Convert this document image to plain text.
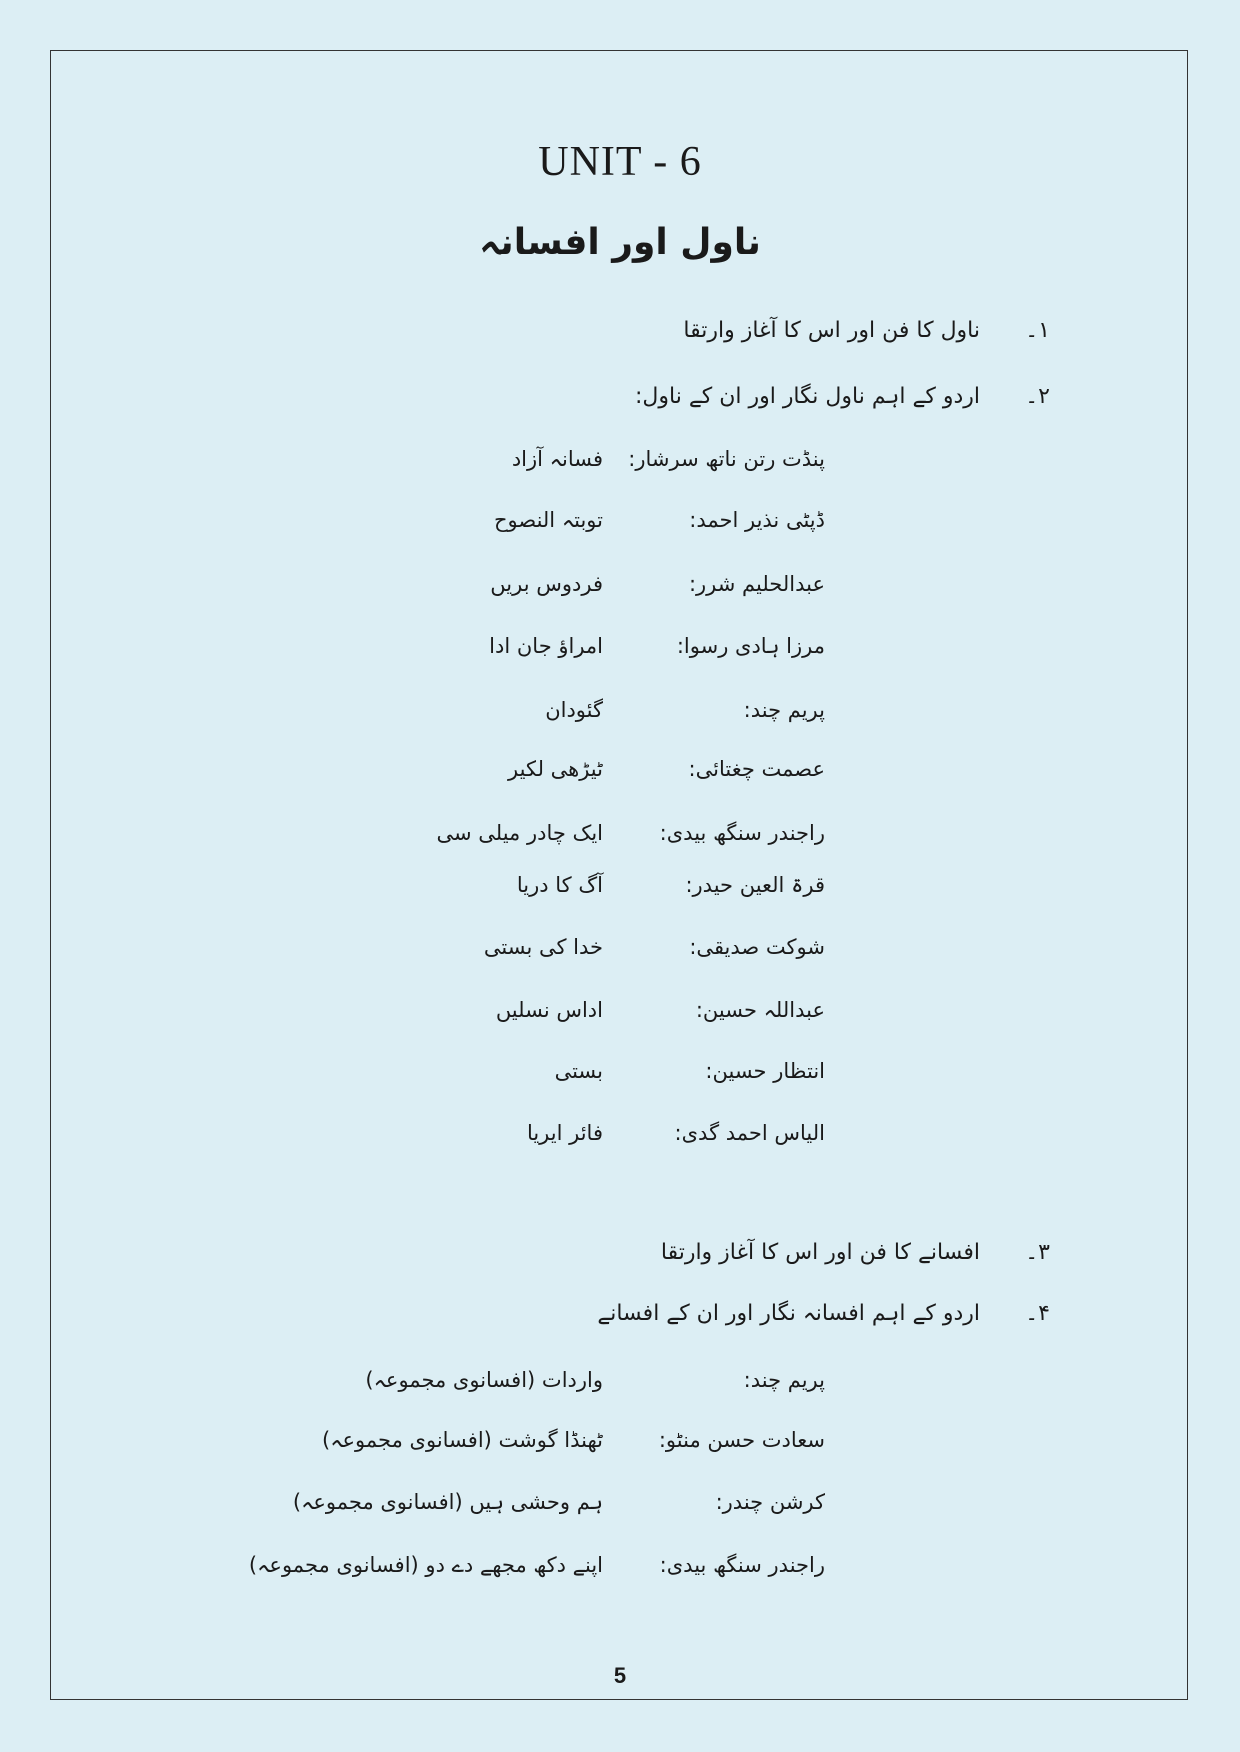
UNIT - 6
ناول اور افسانہ
۱۔
ناول کا فن اور اس کا آغاز وارتقا
۲۔
اردو کے اہم ناول نگار اور ان کے ناول:
پنڈت رتن ناتھ سرشار:
فسانہ آزاد
ڈپٹی نذیر احمد:
توبتہ النصوح
عبدالحلیم شرر:
فردوس بریں
مرزا ہادی رسوا:
امراؤ جان ادا
پریم چند:
گئودان
عصمت چغتائی:
ٹیڑھی لکیر
راجندر سنگھ بیدی:
ایک چادر میلی سی
قرۃ العین حیدر:
آگ کا دریا
شوکت صدیقی:
خدا کی بستی
عبداللہ حسین:
اداس نسلیں
انتظار حسین:
بستی
الیاس احمد گدی:
فائر ایریا
۳۔
افسانے کا فن اور اس کا آغاز وارتقا
۴۔
اردو کے اہم افسانہ نگار اور ان کے افسانے
پریم چند:
واردات (افسانوی مجموعہ)
سعادت حسن منٹو:
ٹھنڈا گوشت (افسانوی مجموعہ)
کرشن چندر:
ہم وحشی ہیں (افسانوی مجموعہ)
راجندر سنگھ بیدی:
اپنے دکھ مجھے دے دو (افسانوی مجموعہ)
5
